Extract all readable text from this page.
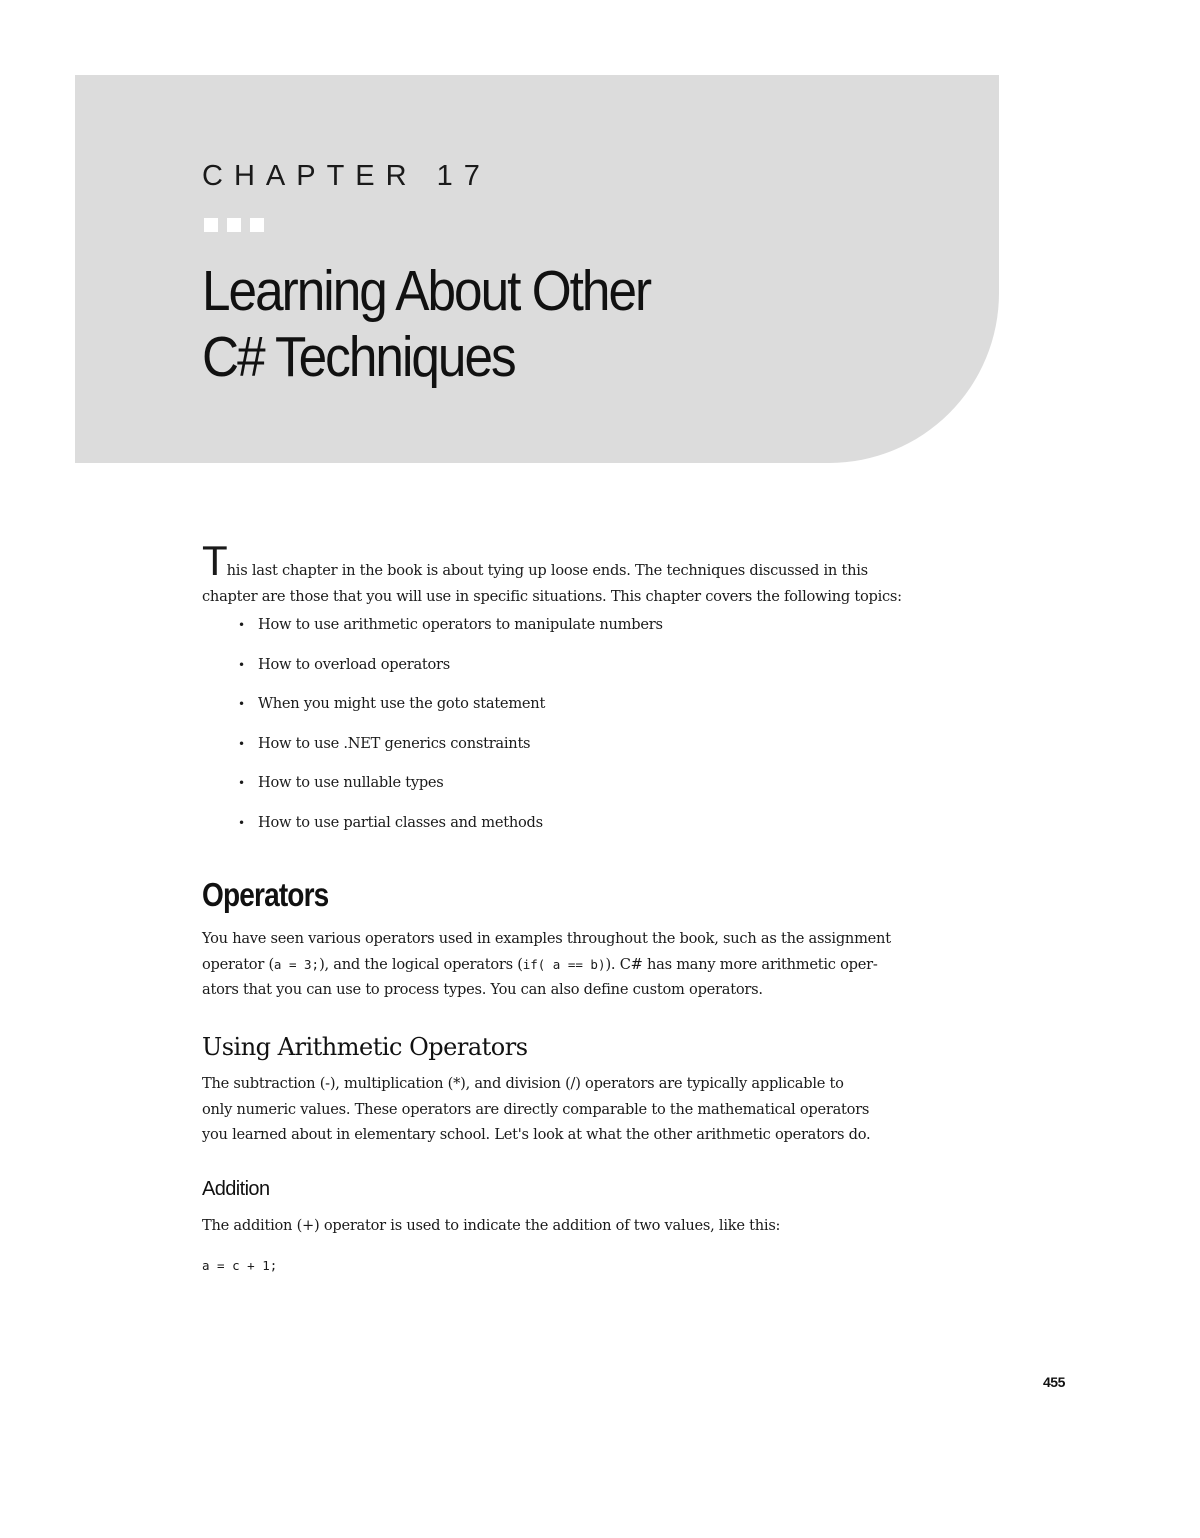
CHAPTER 17
Learning About Other
C# Techniques

This last chapter in the book is about tying up loose ends. The techniques discussed in this
chapter are those that you will use in specific situations. This chapter covers the following topics:

• How to use arithmetic operators to manipulate numbers
• How to overload operators
• When you might use the goto statement
• How to use .NET generics constraints
• How to use nullable types
• How to use partial classes and methods
Operators

You have seen various operators used in examples throughout the book, such as the assignment
operator (a = 3;), and the logical operators (if( a == b)). C# has many more arithmetic oper-
ators that you can use to process types. You can also define custom operators.

Using Arithmetic Operators

The subtraction (-), multiplication (*), and division (/) operators are typically applicable to
only numeric values. These operators are directly comparable to the mathematical operators
you learned about in elementary school. Let's look at what the other arithmetic operators do.

Addition

The addition (+) operator is used to indicate the addition of two values, like this:

a = c + 1;
455
